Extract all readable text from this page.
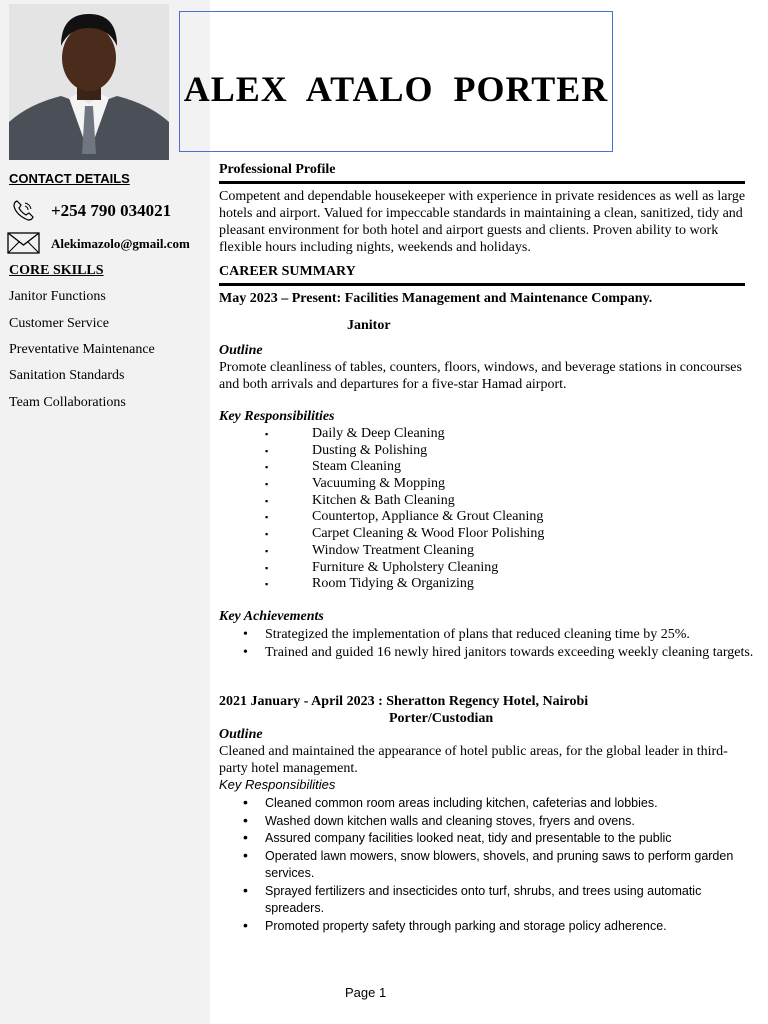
ALEX ATALO PORTER
CONTACT DETAILS
+254 790 034021
Alekimazolo@gmail.com
CORE SKILLS
Janitor Functions
Customer Service
Preventative Maintenance
Sanitation Standards
Team Collaborations
Professional Profile
Competent and dependable housekeeper with experience in private residences as well as large hotels and airport. Valued for impeccable standards in maintaining a clean, sanitized, tidy and pleasant environment for both hotel and airport guests and clients. Proven ability to work flexible hours including nights, weekends and holidays.
CAREER SUMMARY
May 2023 – Present: Facilities Management and Maintenance Company.
Janitor
Outline
Promote cleanliness of tables, counters, floors, windows, and beverage stations in concourses and both arrivals and departures for a five-star Hamad airport.
Key Responsibilities
▪ Daily & Deep Cleaning
▪ Dusting & Polishing
▪ Steam Cleaning
▪ Vacuuming & Mopping
▪ Kitchen & Bath Cleaning
▪ Countertop, Appliance & Grout Cleaning
▪ Carpet Cleaning & Wood Floor Polishing
▪ Window Treatment Cleaning
▪ Furniture & Upholstery Cleaning
▪ Room Tidying & Organizing
Key Achievements
• Strategized the implementation of plans that reduced cleaning time by 25%.
• Trained and guided 16 newly hired janitors towards exceeding weekly cleaning targets.
2021 January - April 2023 : Sheratton Regency Hotel, Nairobi
Porter/Custodian
Outline
Cleaned and maintained the appearance of hotel public areas, for the global leader in third-party hotel management.
Key Responsibilities
• Cleaned common room areas including kitchen, cafeterias and lobbies.
• Washed down kitchen walls and cleaning stoves, fryers and ovens.
• Assured company facilities looked neat, tidy and presentable to the public
• Operated lawn mowers, snow blowers, shovels, and pruning saws to perform garden services.
• Sprayed fertilizers and insecticides onto turf, shrubs, and trees using automatic spreaders.
• Promoted property safety through parking and storage policy adherence.
Page 1
